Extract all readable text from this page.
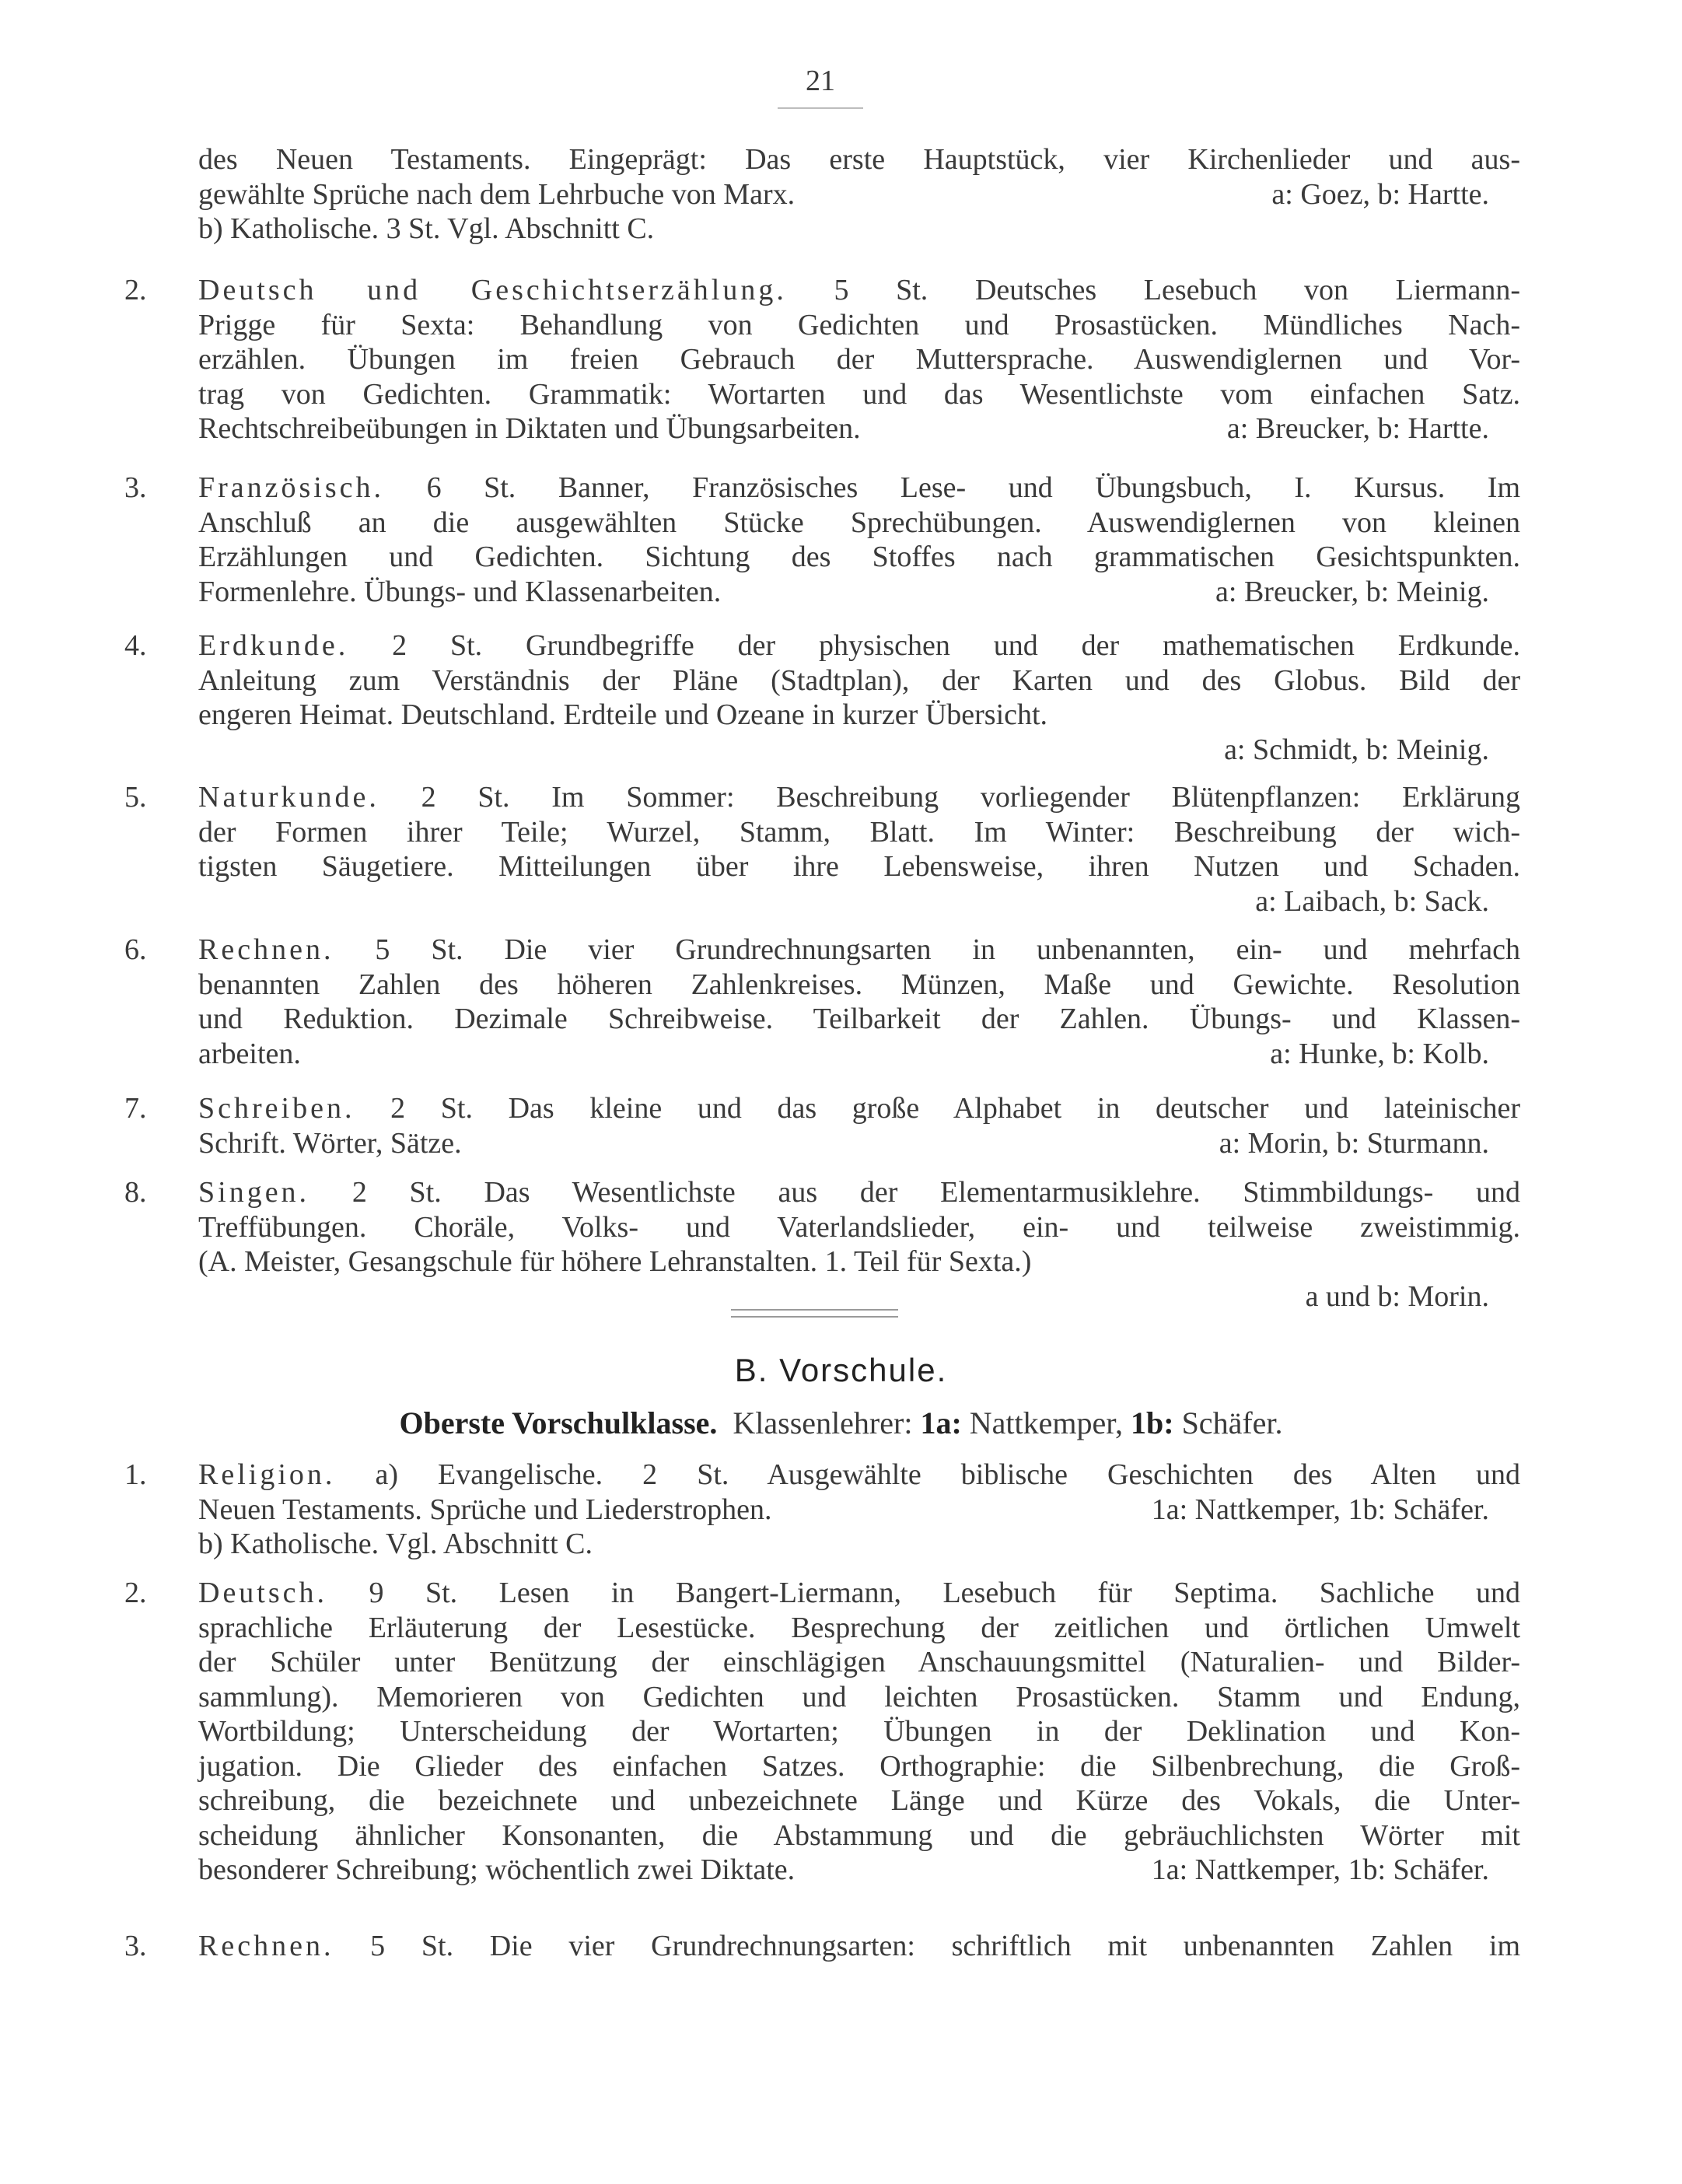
21
des Neuen Testaments. Eingeprägt: Das erste Hauptstück, vier Kirchenlieder und aus-
gewählte Sprüche nach dem Lehrbuche von Marx.	a: Goez, b: Hartte.
b) Katholische. 3 St. Vgl. Abschnitt C.
2.	Deutsch und Geschichtserzählung. 5 St. Deutsches Lesebuch von Liermann-
Prigge für Sexta: Behandlung von Gedichten und Prosastücken. Mündliches Nach-
erzählen. Übungen im freien Gebrauch der Muttersprache. Auswendiglernen und Vor-
trag von Gedichten. Grammatik: Wortarten und das Wesentlichste vom einfachen Satz.
Rechtschreibeübungen in Diktaten und Übungsarbeiten.	a: Breucker, b: Hartte.
3.	Französisch. 6 St. Banner, Französisches Lese- und Übungsbuch, I. Kursus. Im
Anschluß an die ausgewählten Stücke Sprechübungen. Auswendiglernen von kleinen
Erzählungen und Gedichten. Sichtung des Stoffes nach grammatischen Gesichtspunkten.
Formenlehre. Übungs- und Klassenarbeiten.	a: Breucker, b: Meinig.
4.	Erdkunde. 2 St. Grundbegriffe der physischen und der mathematischen Erdkunde.
Anleitung zum Verständnis der Pläne (Stadtplan), der Karten und des Globus. Bild der
engeren Heimat. Deutschland. Erdteile und Ozeane in kurzer Übersicht.
a: Schmidt, b: Meinig.
5.	Naturkunde. 2 St. Im Sommer: Beschreibung vorliegender Blütenpflanzen: Erklärung
der Formen ihrer Teile; Wurzel, Stamm, Blatt. Im Winter: Beschreibung der wich-
tigsten Säugetiere. Mitteilungen über ihre Lebensweise, ihren Nutzen und Schaden.
a: Laibach, b: Sack.
6.	Rechnen. 5 St. Die vier Grundrechnungsarten in unbenannten, ein- und mehrfach
benannten Zahlen des höheren Zahlenkreises. Münzen, Maße und Gewichte. Resolution
und Reduktion. Dezimale Schreibweise. Teilbarkeit der Zahlen. Übungs- und Klassen-
arbeiten.	a: Hunke, b: Kolb.
7.	Schreiben. 2 St. Das kleine und das große Alphabet in deutscher und lateinischer
Schrift. Wörter, Sätze.	a: Morin, b: Sturmann.
8.	Singen. 2 St. Das Wesentlichste aus der Elementarmusiklehre. Stimmbildungs- und
Treffübungen. Choräle, Volks- und Vaterlandslieder, ein- und teilweise zweistimmig.
(A. Meister, Gesangschule für höhere Lehranstalten. 1. Teil für Sexta.)
a und b: Morin.
B. Vorschule.
Oberste Vorschulklasse. Klassenlehrer: 1a: Nattkemper, 1b: Schäfer.
1.	Religion. a) Evangelische. 2 St. Ausgewählte biblische Geschichten des Alten und
Neuen Testaments. Sprüche und Liederstrophen.	1a: Nattkemper, 1b: Schäfer.
b) Katholische. Vgl. Abschnitt C.
2.	Deutsch. 9 St. Lesen in Bangert-Liermann, Lesebuch für Septima. Sachliche und
sprachliche Erläuterung der Lesestücke. Besprechung der zeitlichen und örtlichen Umwelt
der Schüler unter Benützung der einschlägigen Anschauungsmittel (Naturalien- und Bilder-
sammlung). Memorieren von Gedichten und leichten Prosastücken. Stamm und Endung,
Wortbildung; Unterscheidung der Wortarten; Übungen in der Deklination und Kon-
jugation. Die Glieder des einfachen Satzes. Orthographie: die Silbenbrechung, die Groß-
schreibung, die bezeichnete und unbezeichnete Länge und Kürze des Vokals, die Unter-
scheidung ähnlicher Konsonanten, die Abstammung und die gebräuchlichsten Wörter mit
besonderer Schreibung; wöchentlich zwei Diktate.	1a: Nattkemper, 1b: Schäfer.
3.	Rechnen. 5 St. Die vier Grundrechnungsarten: schriftlich mit unbenannten Zahlen im
